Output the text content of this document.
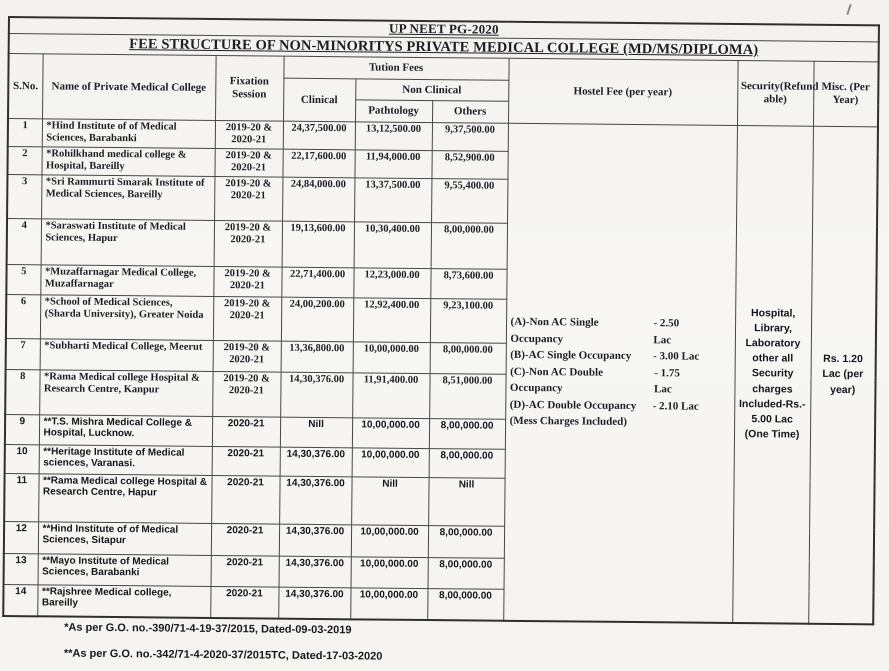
UP NEET PG-2020								
FEE STRUCTURE OF NON-MINORITYS PRIVATE MEDICAL COLLEGE (MD/MS/DIPLOMA)								
S.No.	Name of Private Medical College	Fixation Session	Tution Fees			Hostel Fee (per year)	Security(Refund
able)	Misc. (Per Year)
			Clinical	Non Clinical				
				Pathtology	Others			
1	*Hind Institute of of Medical Sciences, Barabanki	2019-20 & 2020-21	24,37,500.00	13,12,500.00	9,37,500.00	
(A)-Non AC Single Occupancy
- 2.50 Lac
(B)-AC Single Occupancy - 3.00 Lac
(C)-Non AC Double Occupancy
- 1.75 Lac
(D)-AC Double Occupancy - 2.10 Lac
(Mess Charges Included)

Hospital,
Library,
Laboratory
other all
Security charges
Included-Rs.-
5.00 Lac
(One Time)

Rs. 1.20 Lac (per year)

2	*Rohilkhand medical college & Hospital, Bareilly	2019-20 & 2020-21	22,17,600.00	11,94,000.00	8,52,900.00			
3	*Sri Rammurti Smarak Institute of Medical Sciences, Bareilly	2019-20 & 2020-21	24,84,000.00	13,37,500.00	9,55,400.00			
4	*Saraswati Institute of Medical Sciences, Hapur	2019-20 & 2020-21	19,13,600.00	10,30,400.00	8,00,000.00			
5	*Muzaffarnagar Medical College, Muzaffarnagar	2019-20 & 2020-21	22,71,400.00	12,23,000.00	8,73,600.00			
6	*School of Medical Sciences, (Sharda University), Greater Noida	2019-20 & 2020-21	24,00,200.00	12,92,400.00	9,23,100.00			
7	*Subharti Medical College, Meerut	2019-20 & 2020-21	13,36,800.00	10,00,000.00	8,00,000.00			
8	*Rama Medical college Hospital & Research Centre, Kanpur	2019-20 & 2020-21	14,30,376.00	11,91,400.00	8,51,000.00			
9	**T.S. Mishra Medical College & Hospital, Lucknow.	2020-21	Nill	10,00,000.00	8,00,000.00			
10	**Heritage Institute of Medical sciences, Varanasi.	2020-21	14,30,376.00	10,00,000.00	8,00,000.00			
11	**Rama Medical college Hospital & Research Centre, Hapur	2020-21	14,30,376.00	Nill	Nill			
12	**Hind Institute of of Medical Sciences, Sitapur	2020-21	14,30,376.00	10,00,000.00	8,00,000.00			
13	**Mayo Institute of Medical Sciences, Barabanki	2020-21	14,30,376.00	10,00,000.00	8,00,000.00			
14	**Rajshree Medical college, Bareilly	2020-21	14,30,376.00	10,00,000.00	8,00,000.00			
*As per G.O. no.-390/71-4-19-37/2015, Dated-09-03-2019
**As per G.O. no.-342/71-4-2020-37/2015TC, Dated-17-03-2020
